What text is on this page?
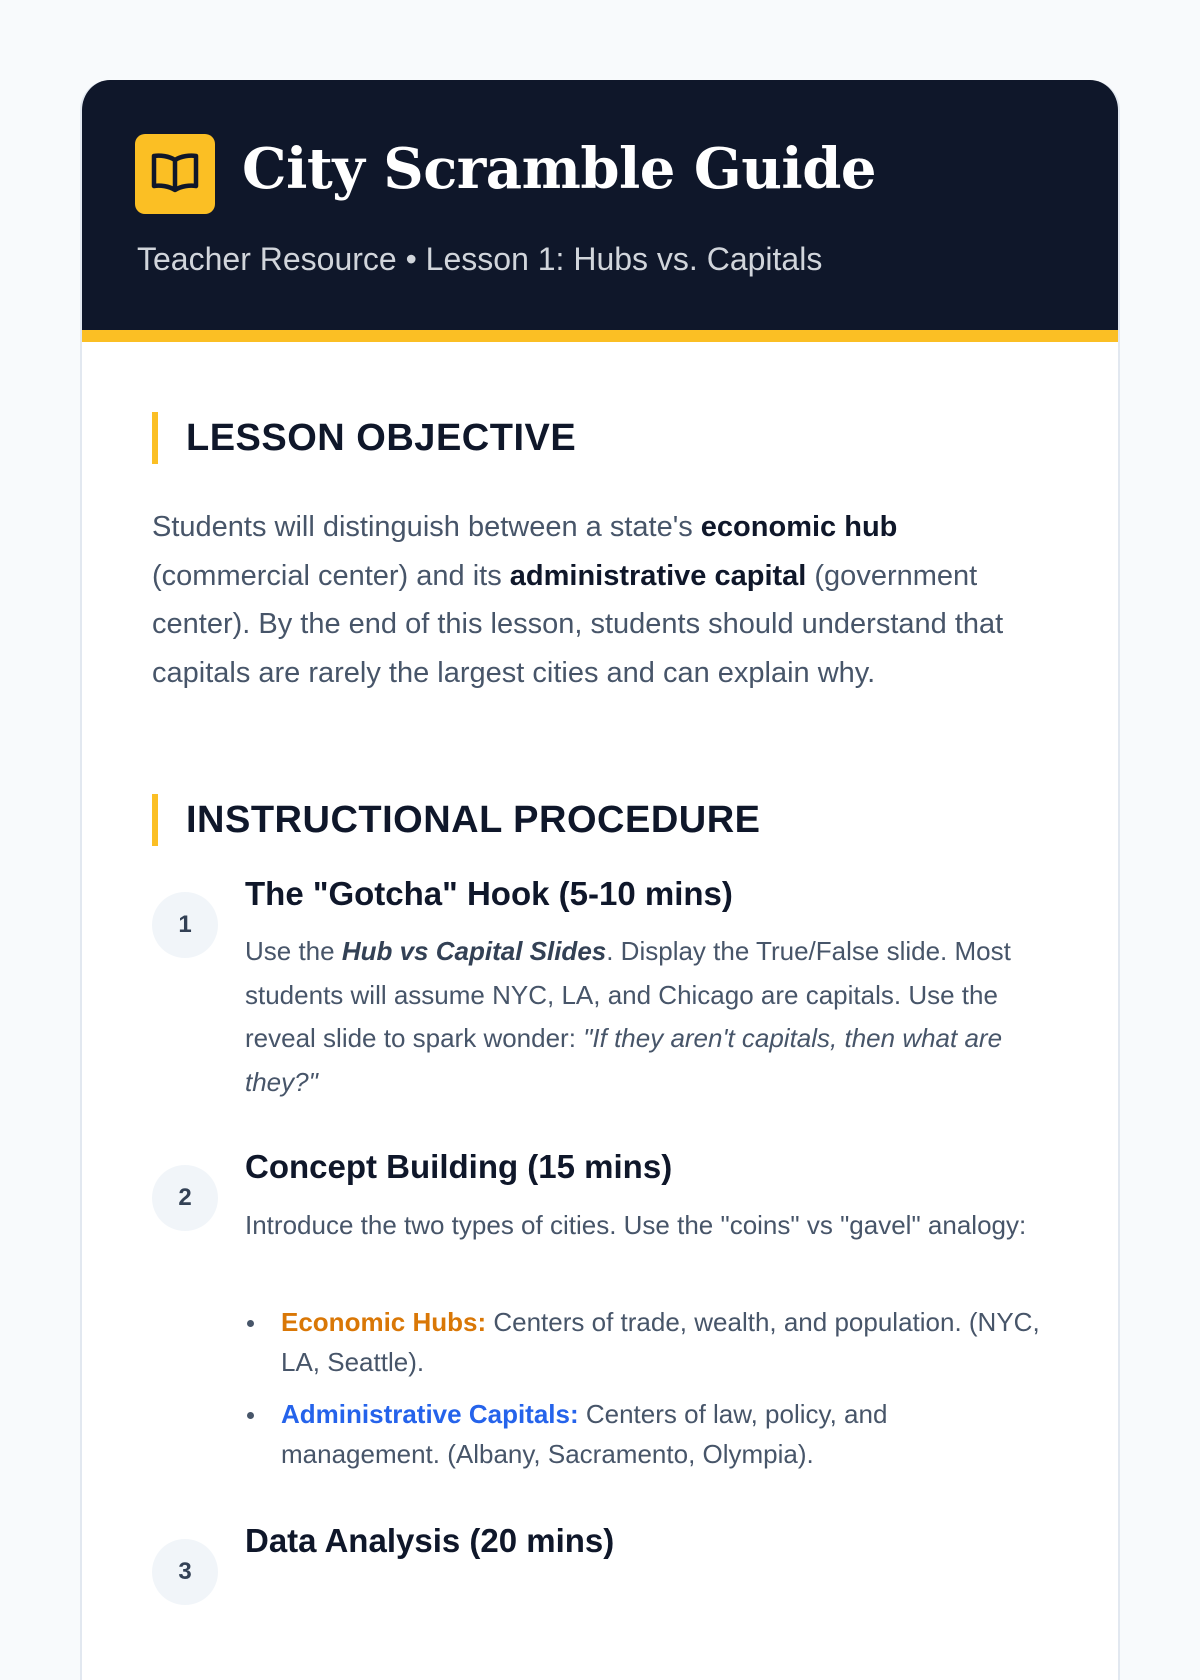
City Scramble Guide
Teacher Resource • Lesson 1: Hubs vs. Capitals
LESSON OBJECTIVE
Students will distinguish between a state's economic hub (commercial center) and its administrative capital (government center). By the end of this lesson, students should understand that capitals are rarely the largest cities and can explain why.
INSTRUCTIONAL PROCEDURE
1
The "Gotcha" Hook (5-10 mins)
Use the Hub vs Capital Slides. Display the True/False slide. Most students will assume NYC, LA, and Chicago are capitals. Use the reveal slide to spark wonder: "If they aren't capitals, then what are they?"
2
Concept Building (15 mins)
Introduce the two types of cities. Use the "coins" vs "gavel" analogy:
Economic Hubs: Centers of trade, wealth, and population. (NYC, LA, Seattle).
Administrative Capitals: Centers of law, policy, and management. (Albany, Sacramento, Olympia).
3
Data Analysis (20 mins)
